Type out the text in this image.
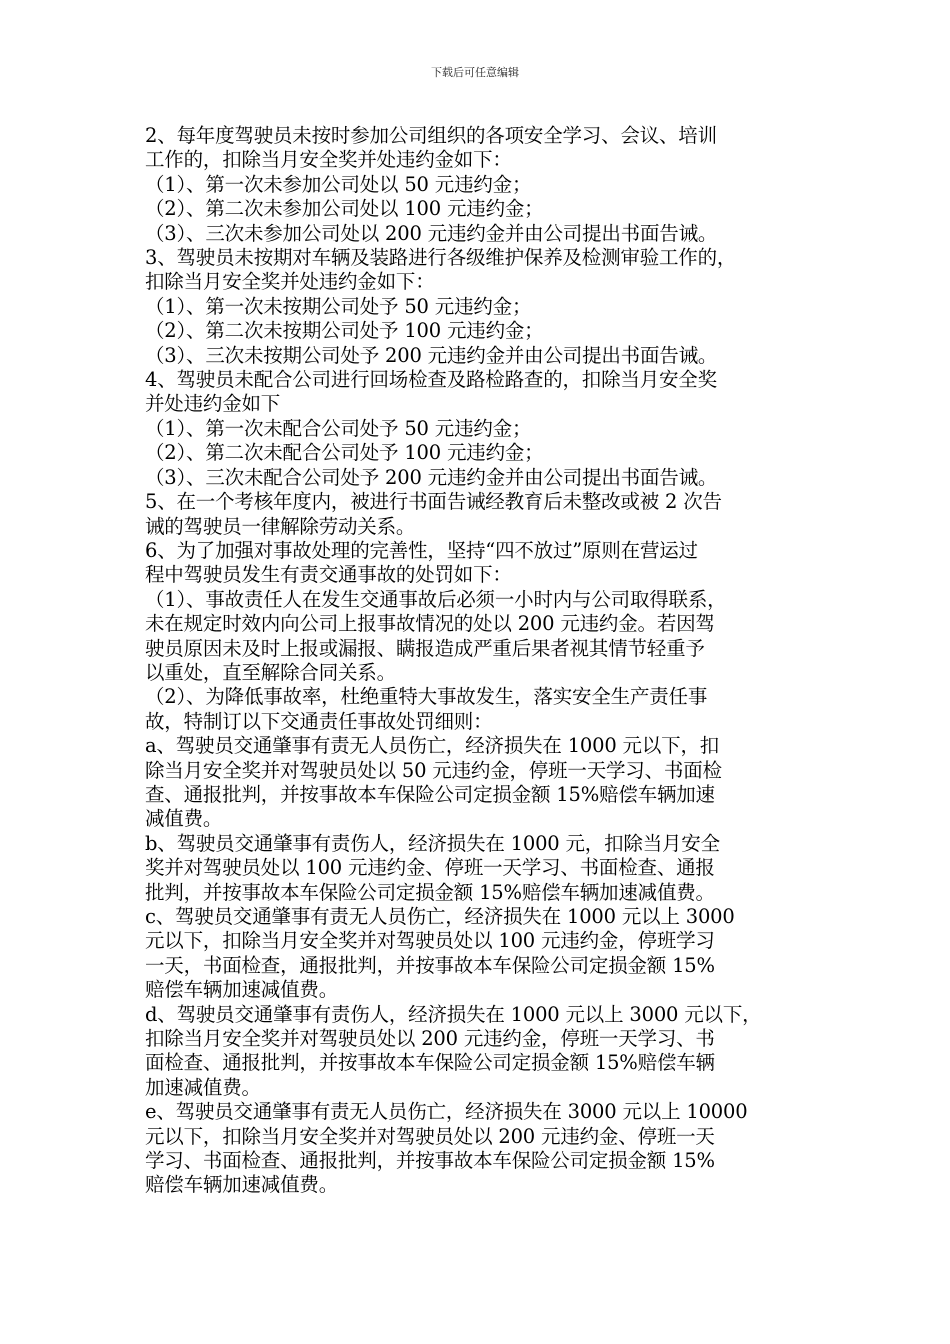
下载后可任意编辑
2、每年度驾驶员未按时参加公司组织的各项安全学习、会议、培训
工作的，扣除当月安全奖并处违约金如下：
（1）、第一次未参加公司处以 50 元违约金；
（2）、第二次未参加公司处以 100 元违约金；
（3）、三次未参加公司处以 200 元违约金并由公司提出书面告诫。
3、驾驶员未按期对车辆及装路进行各级维护保养及检测审验工作的，
扣除当月安全奖并处违约金如下：
（1）、第一次未按期公司处予 50 元违约金；
（2）、第二次未按期公司处予 100 元违约金；
（3）、三次未按期公司处予 200 元违约金并由公司提出书面告诫。
4、驾驶员未配合公司进行回场检查及路检路查的，扣除当月安全奖
并处违约金如下
（1）、第一次未配合公司处予 50 元违约金；
（2）、第二次未配合公司处予 100 元违约金；
（3）、三次未配合公司处予 200 元违约金并由公司提出书面告诫。
5、在一个考核年度内，被进行书面告诫经教育后未整改或被 2 次告
诫的驾驶员一律解除劳动关系。
6、为了加强对事故处理的完善性，坚持“四不放过”原则在营运过
程中驾驶员发生有责交通事故的处罚如下：
（1）、事故责任人在发生交通事故后必须一小时内与公司取得联系，
未在规定时效内向公司上报事故情况的处以 200 元违约金。若因驾
驶员原因未及时上报或漏报、瞒报造成严重后果者视其情节轻重予
以重处，直至解除合同关系。
（2）、为降低事故率，杜绝重特大事故发生，落实安全生产责任事
故，特制订以下交通责任事故处罚细则：
a、驾驶员交通肇事有责无人员伤亡，经济损失在 1000 元以下，扣
除当月安全奖并对驾驶员处以 50 元违约金，停班一天学习、书面检
查、通报批判，并按事故本车保险公司定损金额 15%赔偿车辆加速
减值费。
b、驾驶员交通肇事有责伤人，经济损失在 1000 元，扣除当月安全
奖并对驾驶员处以 100 元违约金、停班一天学习、书面检查、通报
批判，并按事故本车保险公司定损金额 15%赔偿车辆加速减值费。
c、驾驶员交通肇事有责无人员伤亡，经济损失在 1000 元以上 3000
元以下，扣除当月安全奖并对驾驶员处以 100 元违约金，停班学习
一天，书面检查，通报批判，并按事故本车保险公司定损金额 15%
赔偿车辆加速减值费。
d、驾驶员交通肇事有责伤人，经济损失在 1000 元以上 3000 元以下，
扣除当月安全奖并对驾驶员处以 200 元违约金，停班一天学习、书
面检查、通报批判，并按事故本车保险公司定损金额 15%赔偿车辆
加速减值费。
e、驾驶员交通肇事有责无人员伤亡，经济损失在 3000 元以上 10000
元以下，扣除当月安全奖并对驾驶员处以 200 元违约金、停班一天
学习、书面检查、通报批判，并按事故本车保险公司定损金额 15%
赔偿车辆加速减值费。
